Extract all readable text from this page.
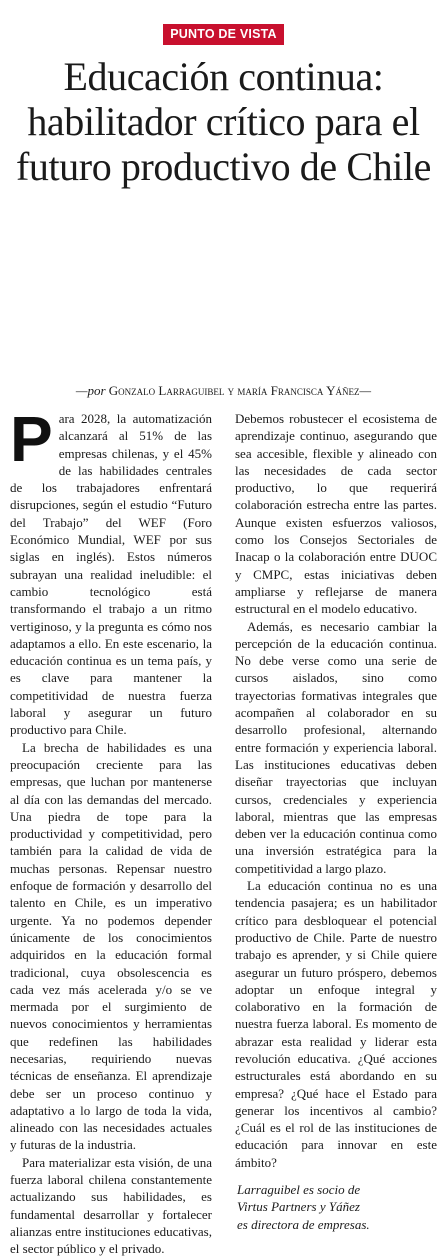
PUNTO DE VISTA
Educación continua: habilitador crítico para el futuro productivo de Chile
—por Gonzalo Larraguibel y maría Francisca Yáñez—

Para 2028, la automatización alcanzará al 51% de las empresas chilenas, y el 45% de las habilidades centrales de los trabajadores enfrentará disrupciones, según el estudio “Futuro del Trabajo” del WEF (Foro Económico Mundial, WEF por sus siglas en inglés). Estos números subrayan una realidad ineludible: el cambio tecnológico está transformando el trabajo a un ritmo vertiginoso, y la pregunta es cómo nos adaptamos a ello. En este escenario, la educación continua es un tema país, y es clave para mantener la competitividad de nuestra fuerza laboral y asegurar un futuro productivo para Chile.

La brecha de habilidades es una preocupación creciente para las empresas, que luchan por mantenerse al día con las demandas del mercado. Una piedra de tope para la productividad y competitividad, pero también para la calidad de vida de muchas personas. Repensar nuestro enfoque de formación y desarrollo del talento en Chile, es un imperativo urgente. Ya no podemos depender únicamente de los conocimientos adquiridos en la educación formal tradicional, cuya obsolescencia es cada vez más acelerada y/o se ve mermada por el surgimiento de nuevos conocimientos y herramientas que redefinen las habilidades necesarias, requiriendo nuevas técnicas de enseñanza. El aprendizaje debe ser un proceso continuo y adaptativo a lo largo de toda la vida, alineado con las necesidades actuales y futuras de la industria.

Para materializar esta visión, de una fuerza laboral chilena constantemente actualizando sus habilidades, es fundamental desarrollar y fortalecer alianzas entre instituciones educativas, el sector público y el privado.

Debemos robustecer el ecosistema de aprendizaje continuo, asegurando que sea accesible, flexible y alineado con las necesidades de cada sector productivo, lo que requerirá colaboración estrecha entre las partes. Aunque existen esfuerzos valiosos, como los Consejos Sectoriales de Inacap o la colaboración entre DUOC y CMPC, estas iniciativas deben ampliarse y reflejarse de manera estructural en el modelo educativo.

Además, es necesario cambiar la percepción de la educación continua. No debe verse como una serie de cursos aislados, sino como trayectorias formativas integrales que acompañen al colaborador en su desarrollo profesional, alternando entre formación y experiencia laboral. Las instituciones educativas deben diseñar trayectorias que incluyan cursos, credenciales y experiencia laboral, mientras que las empresas deben ver la educación continua como una inversión estratégica para la competitividad a largo plazo.

La educación continua no es una tendencia pasajera; es un habilitador crítico para desbloquear el potencial productivo de Chile. Parte de nuestro trabajo es aprender, y si Chile quiere asegurar un futuro próspero, debemos adoptar un enfoque integral y colaborativo en la formación de nuestra fuerza laboral. Es momento de abrazar esta realidad y liderar esta revolución educativa. ¿Qué acciones estructurales está abordando en su empresa? ¿Qué hace el Estado para generar los incentivos al cambio? ¿Cuál es el rol de las instituciones de educación para innovar en este ámbito?

Larraguibel es socio de

Virtus Partners y Yáñez

es directora de empresas.
